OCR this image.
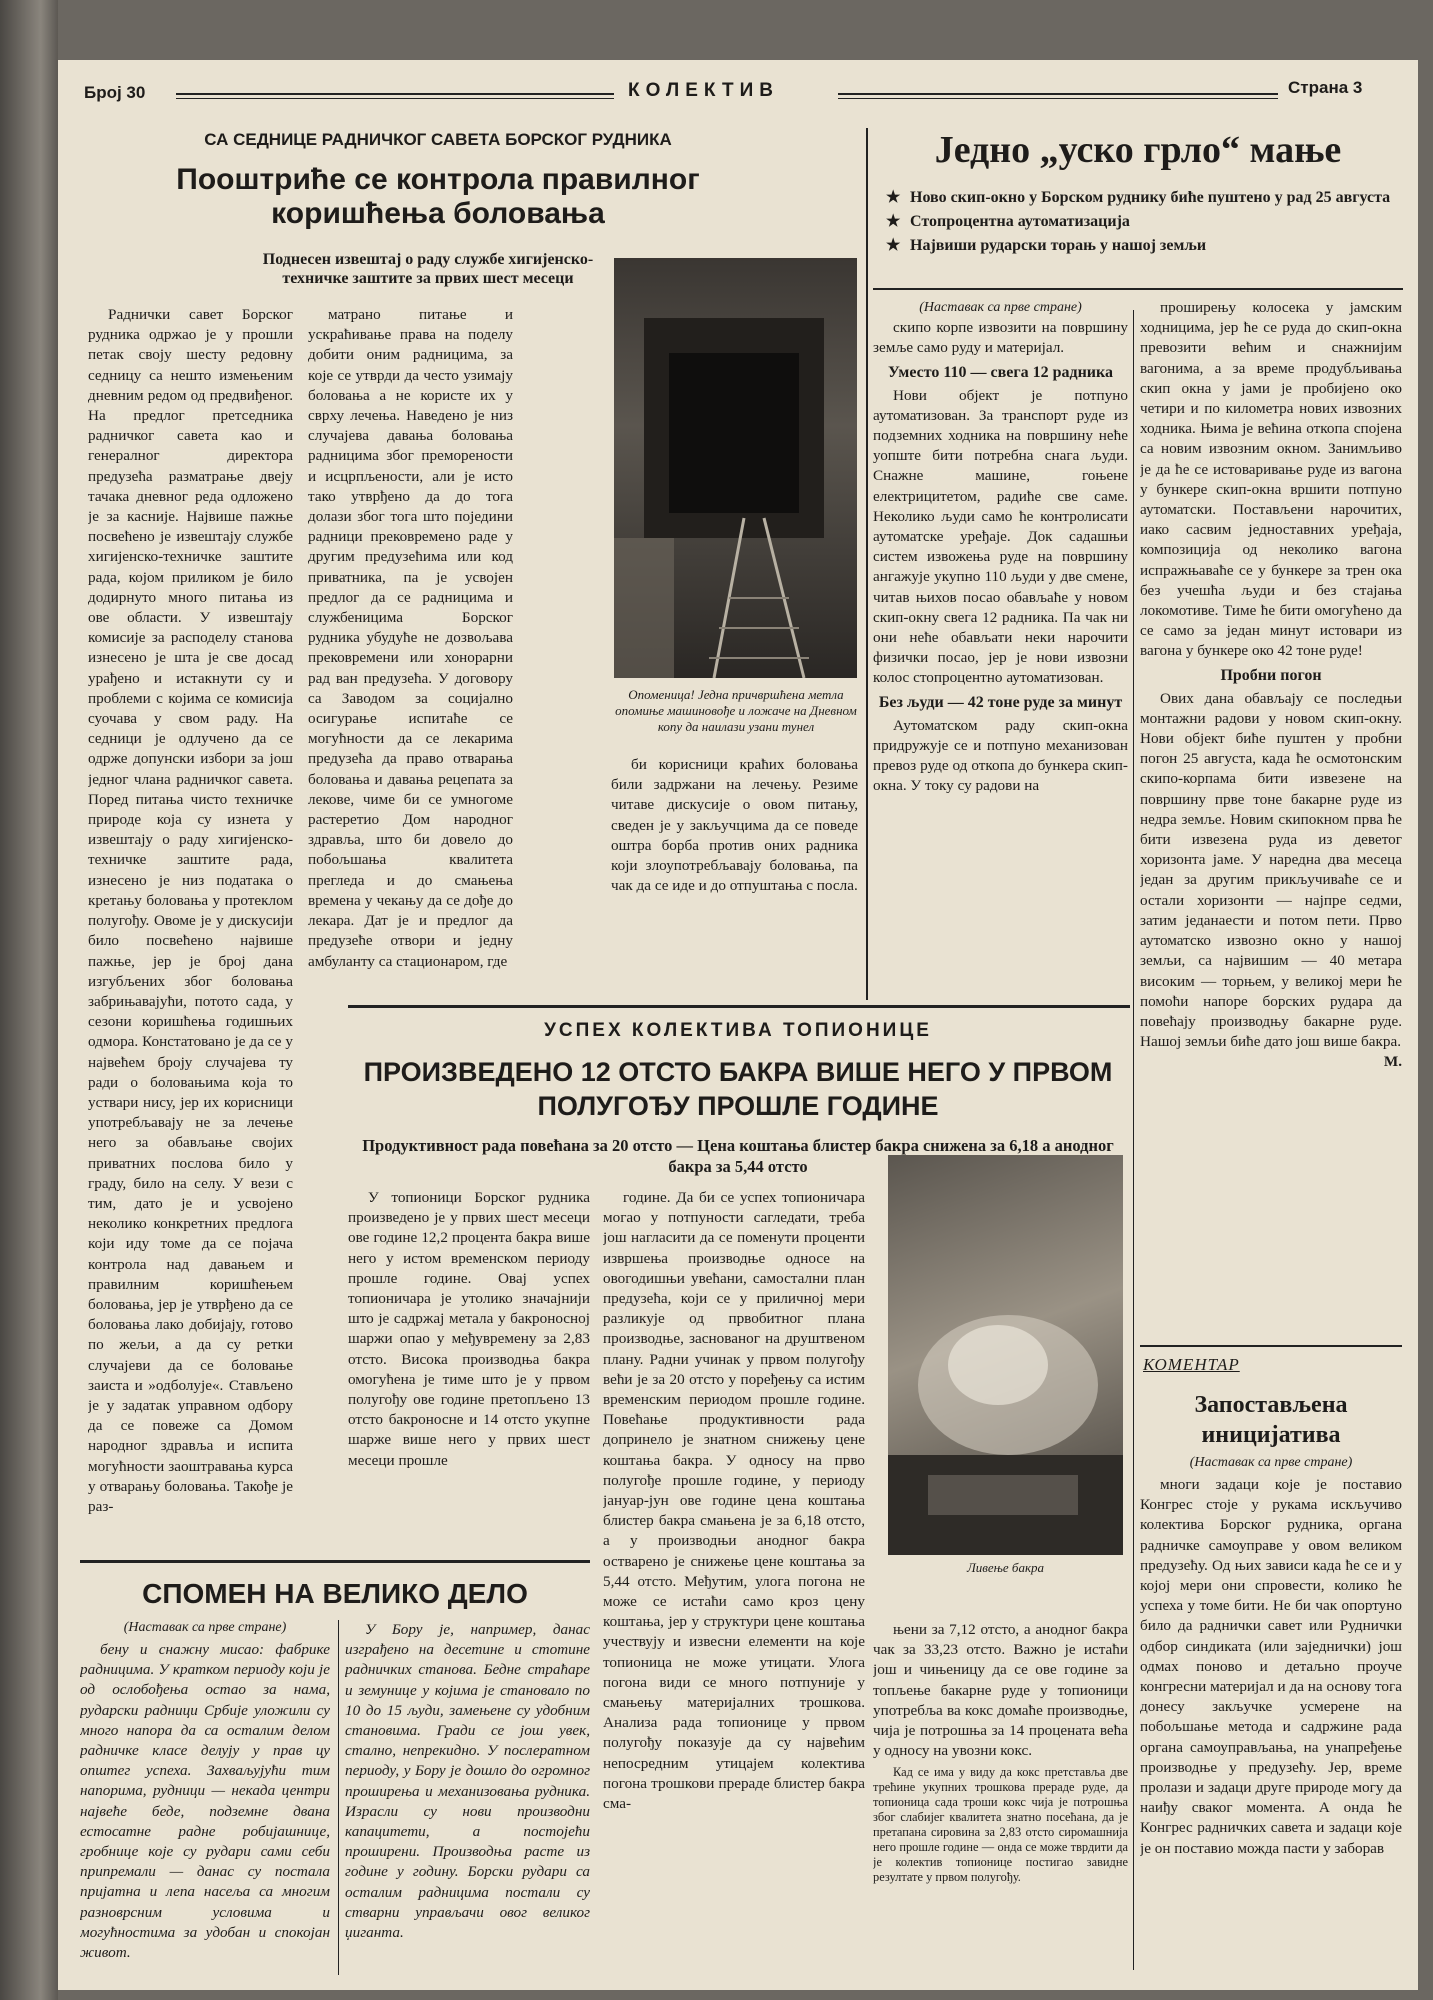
Број 30	КОЛЕКТИВ	Страна 3
СА СЕДНИЦЕ РАДНИЧКОГ САВЕТА БОРСКОГ РУДНИКА
Пооштриће се контрола правилног коришћења боловања
Поднесен извештај о раду службе хигијенско-техничке заштите за првих шест месеци

Раднички савет Борског рудника одржао је у прошли петак своју шесту редовну седницу са нешто измењеним дневним редом од предвиђеног. На предлог претседника радничког савета као и генералног директора предузећа разматрање двеју тачака дневног реда одложено је за касније. Највише пажње посвећено је извештају службе хигијенско-техничке заштите рада, којом приликом је било додирнуто много питања из ове области. У извештају комисије за расподелу станова изнесено је шта је све досад урађено и истакнути су и проблеми с којима се комисија суочава у свом раду. На седници је одлучено да се одрже допунски избори за још једног члана радничког савета. Поред питања чисто техничке природе која су изнета у извештају о раду хигијенско-техничке заштите рада, изнесено је низ података о кретању боловања у протеклом полугођу. Овоме је у дискусији било посвећено највише пажње, јер је број дана изгубљених због боловања забрињавајући, потото сада, у сезони коришћења годишњих одмора. Констатовано је да се у највећем броју случајева ту ради о боловањима која то уствари нису, јер их корисници употребљавају не за лечење него за обављање својих приватних послова било у граду, било на селу. У вези с тим, дато је и усвојено неколико конкретних предлога који иду томе да се појача контрола над давањем и правилним коришћењем боловања, јер је утврђено да се боловања лако добијају, готово по жељи, а да су ретки случајеви да се боловање заиста и »одболује«. Стављено је у задатак управном одбору да се повеже са Домом народног здравља и испита могућности заоштравања курса у отварању боловања. Такође је раз-

матрано питање и ускраћивање права на поделу добити оним радницима, за које се утврди да често узимају боловања а не користе их у сврху лечења. Наведено је низ случајева давања боловања радницима због преморености и исцрпљености, али је исто тако утврђено да до тога долази због тога што поједини радници прековремено раде у другим предузећима или код приватника, па је усвојен предлог да се радницима и службеницима Борског рудника убудуће не дозвољава прековремени или хонорарни рад ван предузећа. У договору са Заводом за социјално осигурање испитаће се могућности да се лекарима предузећа да право отварања боловања и давања рецепата за лекове, чиме би се умногоме растеретио Дом народног здравља, што би довело до побољшања квалитета прегледа и до смањења времена у чекању да се дође до лекара. Дат је и предлог да предузеће отвори и једну амбуланту са стационаром, где

Опоменица! Једна причвршћена метла опомиње машиновође и ложаче на Дневном копу да наилази узани тунел

би корисници краћих боловања били задржани на лечењу. Резиме читаве дискусије о овом питању, сведен је у закључцима да се поведе оштра борба против оних радника који злоупотребљавају боловања, па чак да се иде и до отпуштања с посла.

Једно „уско грло“ мање
★ Ново скип-окно у Борском руднику биће пуштено у рад 25 августа
★ Стопроцентна аутоматизација
★ Највиши рударски торањ у нашој земљи
(Наставак са прве стране)

скипо корпе извозити на површину земље само руду и материјал.

Уместо 110 — свега 12 радника

Нови објект је потпуно аутоматизован. За транспорт руде из подземних ходника на површину неће уопште бити потребна снага људи. Снажне машине, гоњене електрицитетом, радиће све саме. Неколико људи само ће контролисати аутоматске уређаје. Док садашњи систем извожења руде на површину ангажује укупно 110 људи у две смене, читав њихов посао обављаће у новом скип-окну свега 12 радника. Па чак ни они неће обављати неки нарочити физички посао, јер је нови извозни колос стопроцентно аутоматизован.

Без људи — 42 тоне руде за минут

Аутоматском раду скип-окна придружује се и потпуно механизован превоз руде од откопа до бункера скип-окна. У току су радови на

проширењу колосека у јамским ходницима, јер ће се руда до скип-окна превозити већим и снажнијим вагонима, а за време продубљивања скип окна у јами је пробијено око четири и по километра нових извозних ходника. Њима је већина откопа спојена са новим извозним окном. Занимљиво је да ће се истоваривање руде из вагона у бункере скип-окна вршити потпуно аутоматски. Постављени нарочитих, иако сасвим једноставних уређаја, композиција од неколико вагона испражњаваће се у бункере за трен ока без учешћа људи и без стајања локомотиве. Тиме ће бити омогућено да се само за један минут истовари из вагона у бункере око 42 тоне руде!

Пробни погон

Ових дана обављају се последњи монтажни радови у новом скип-окну. Нови објект биће пуштен у пробни погон 25 августа, када ће осмотонским скипо-корпама бити извезене на површину прве тоне бакарне руде из недра земље. Новим скипокном прва ће бити извезена руда из деветог хоризонта јаме. У наредна два месеца један за другим прикључиваће се и остали хоризонти — најпре седми, затим једанаести и потом пети. Прво аутоматско извозно окно у нашој земљи, са највишим — 40 метара високим — торњем, у великој мери ће помоћи напоре борских рудара да повећају производњу бакарне руде. Нашој земљи биће дато још више бакра.

М.
УСПЕХ КОЛЕКТИВА ТОПИОНИЦЕ
ПРОИЗВЕДЕНО 12 ОТСТО БАКРА ВИШЕ НЕГО У ПРВОМ ПОЛУГОЂУ ПРОШЛЕ ГОДИНЕ
Продуктивност рада повећана за 20 отсто — Цена коштања блистер бакра снижена за 6,18 а анодног бакра за 5,44 отсто

У топионици Борског рудника произведено је у првих шест месеци ове године 12,2 процента бакра више него у истом временском периоду прошле године. Овај успех топионичара је утолико значајнији што је садржај метала у бакроносној шаржи опао у међувремену за 2,83 отсто. Висока производња бакра омогућена је тиме што је у првом полугођу ове године претопљено 13 отсто бакроносне и 14 отсто укупне шарже више него у првих шест месеци прошле

године. Да би се успех топионичара могао у потпуности сагледати, треба још нагласити да се поменути проценти извршења производње односе на овогодишњи увећани, самостални план предузећа, који се у приличној мери разликује од првобитног плана производње, заснованог на друштвеном плану. Радни учинак у првом полугођу већи је за 20 отсто у поређењу са истим временским периодом прошле године. Повећање продуктивности рада допринело је знатном снижењу цене коштања бакра. У односу на прво полугође прошле године, у периоду јануар-јун ове године цена коштања блистер бакра смањена је за 6,18 отсто, а у производњи анодног бакра остварено је снижење цене коштања за 5,44 отсто. Међутим, улога погона не може се истаћи само кроз цену коштања, јер у структури цене коштања учествују и извесни елементи на које топионица не може утицати. Улога погона види се много потпуније у смањењу материјалних трошкова. Анализа рада топионице у првом полугођу показује да су највећим непосредним утицајем колектива погона трошкови прераде блистер бакра сма-

Ливење бакра

њени за 7,12 отсто, а анодног бакра чак за 33,23 отсто. Важно је истаћи још и чињеницу да се ове године за топљење бакарне руде у топионици употребља ва кокс домаће производње, чија је потрошња за 14 процената већа у односу на увозни кокс.

Кад се има у виду да кокс претставља две трећине укупних трошкова прераде руде, да топионица сада троши кокс чија је потрошња због слабијег квалитета знатно посећана, да је претапана сировина за 2,83 отсто сиромашнија него прошле године — онда се може тврдити да је колектив топионице постигао завидне резултате у првом полугођу.

СПОМЕН НА ВЕЛИКО ДЕЛО
(Наставак са прве стране)

бену и снажну мисао: фабрике радницима. У кратком периоду који је од ослобођења остао за нама, рударски радници Србије уложили су много напора да са осталим делом радничке класе делују у прав цу општег успеха. Захваљујући тим напорима, рудници — некада центри највеће беде, подземне двана естосатне радне робијашнице, гробнице које су рудари сами себи припремали — данас су постала пријатна и лепа насеља са многим разноврсним условима и могућностима за удобан и спокојан живот.

У Бору је, например, данас изграђено на десетине и стотине радничких станова. Бедне страћаре и земунице у којима је становало по 10 до 15 људи, замењене су удобним становима. Гради се још увек, стално, непрекидно. У послератном периоду, у Бору је дошло до огромног проширења и механизовања рудника. Изрaсли су нови производни капацитети, а постојећи проширени. Производња расте из године у годину. Борски рудари са осталим радницима постали су стварни управљачи овог великог џиганта.

КОМЕНТАР
Запостављена иницијатива
(Наставак са прве стране)

многи задаци које је поставио Конгрес стоје у рукама искључиво колектива Борског рудника, органа радничке самоуправе у овом великом предузећу. Од њих зависи када ће се и у којој мери они спровести, колико ће успеха у томе бити. Не би чак опортуно било да раднички савет или Руднички одбор синдиката (или заједнички) још одмах поново и детаљно проуче конгресни материјал и да на основу тога донесу закључке усмерене на побољшање метода и садржине рада органа самоуправљања, на унапређење производње у предузећу. Јер, време пролази и задаци друге природе могу да наиђу сваког момента. А онда ће Конгрес радничких савета и задаци које је он поставио можда пасти у заборав
